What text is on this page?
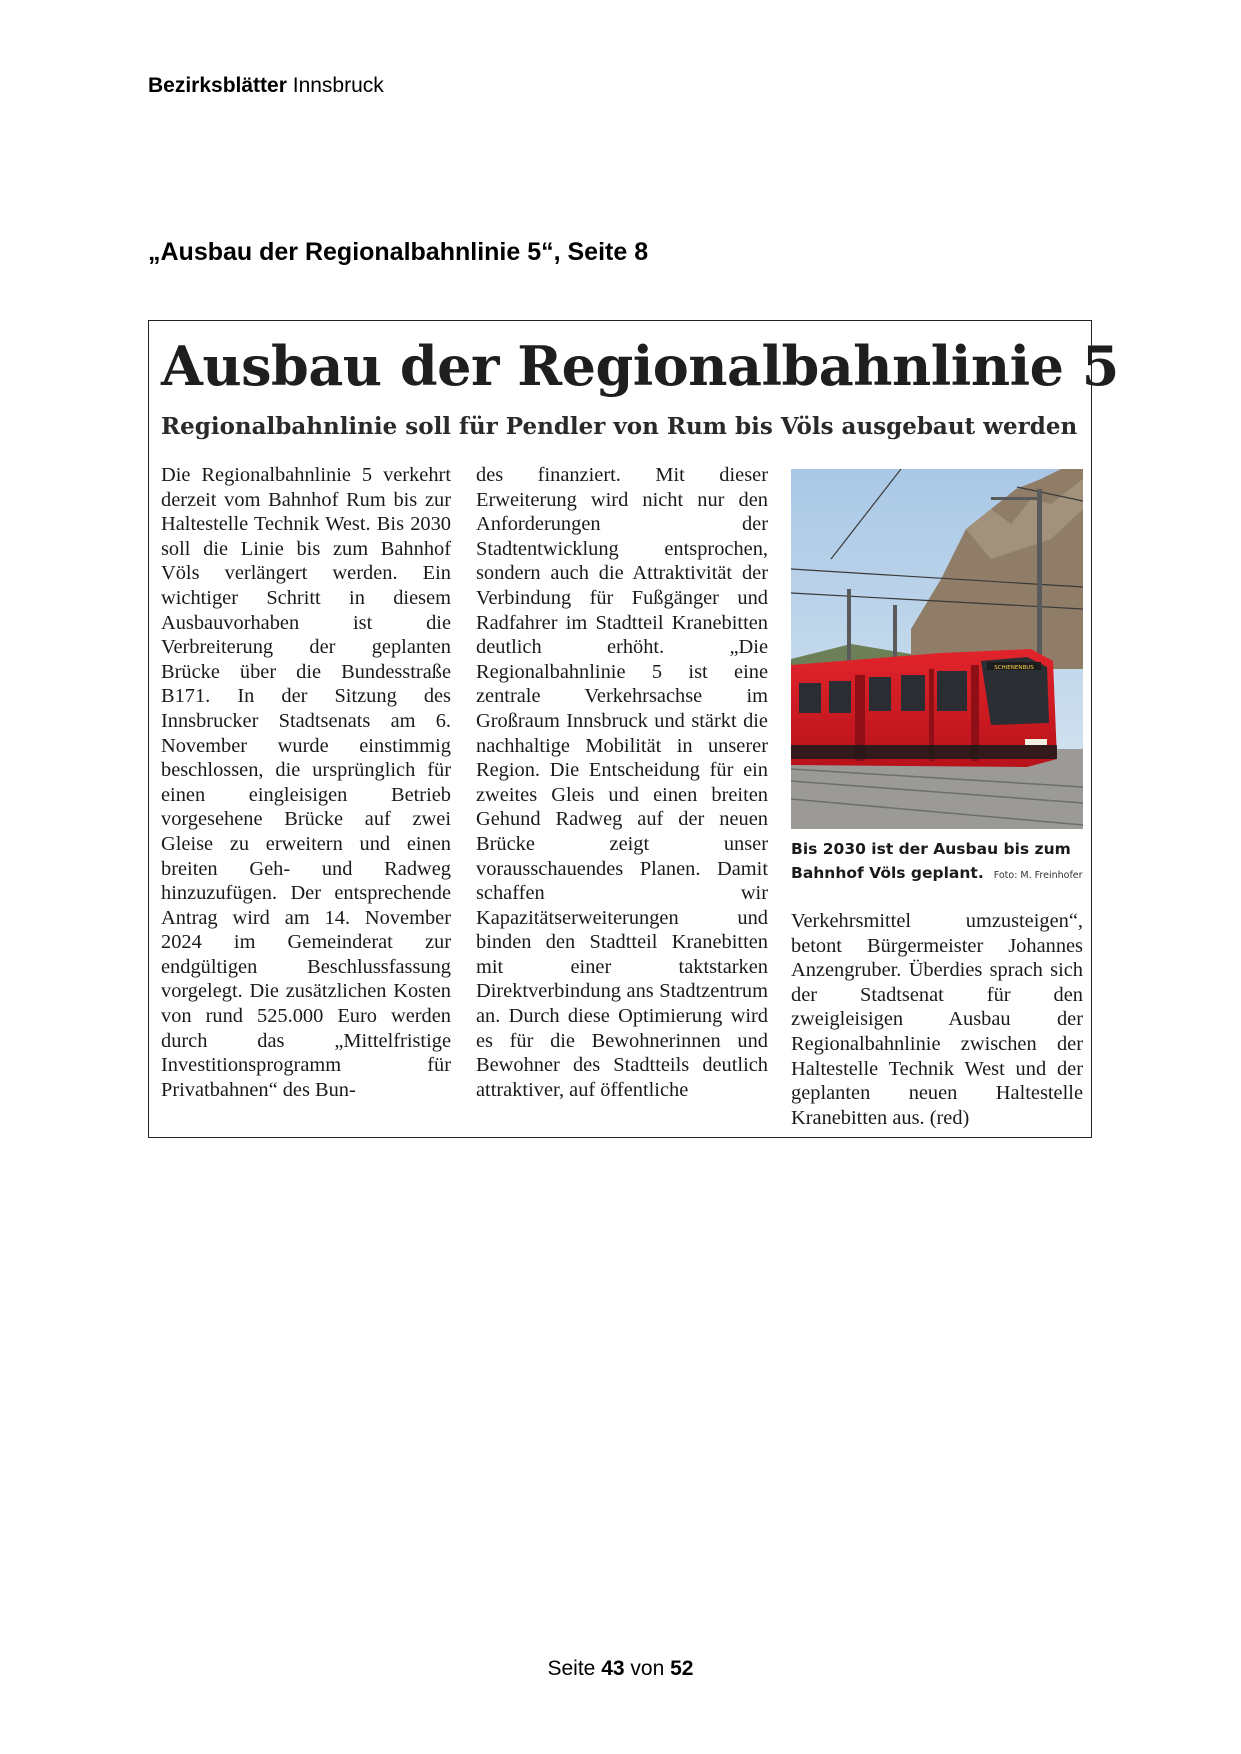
Bezirksblätter Innsbruck
„Ausbau der Regionalbahnlinie 5“, Seite 8
Ausbau der Regionalbahnlinie 5
Regionalbahnlinie soll für Pendler von Rum bis Völs ausgebaut werden
Die Regionalbahnlinie 5 verkehrt derzeit vom Bahnhof Rum bis zur Haltestelle Technik West. Bis 2030 soll die Linie bis zum Bahnhof Völs verlängert werden. Ein wichtiger Schritt in diesem Ausbauvorhaben ist die Verbreiterung der geplanten Brücke über die Bundesstraße B171. In der Sitzung des Innsbrucker Stadtsenats am 6. November wurde einstimmig beschlossen, die ursprünglich für einen eingleisigen Betrieb vorgesehene Brücke auf zwei Gleise zu erweitern und einen breiten Geh- und Radweg hinzuzufügen. Der entsprechende Antrag wird am 14. November 2024 im Gemeinderat zur endgültigen Beschlussfassung vorgelegt. Die zusätzlichen Kosten von rund 525.000 Euro werden durch das „Mittelfristige Investitionsprogramm für Privatbahnen“ des Bun-
des finanziert. Mit dieser Erweiterung wird nicht nur den Anforderungen der Stadtentwicklung entsprochen, sondern auch die Attraktivität der Verbindung für Fußgänger und Radfahrer im Stadtteil Kranebitten deutlich erhöht. „Die Regionalbahnlinie 5 ist eine zentrale Verkehrsachse im Großraum Innsbruck und stärkt die nachhaltige Mobilität in unserer Region. Die Entscheidung für ein zweites Gleis und einen breiten Gehund Radweg auf der neuen Brücke zeigt unser vorausschauendes Planen. Damit schaffen wir Kapazitätserweiterungen und binden den Stadtteil Kranebitten mit einer taktstarken Direktverbindung ans Stadtzentrum an. Durch diese Optimierung wird es für die Bewohnerinnen und Bewohner des Stadtteils deutlich attraktiver, auf öffentliche
SCHIENENBUS
Bis 2030 ist der Ausbau bis zum Bahnhof Völs geplant. Foto: M. Freinhofer
Verkehrsmittel umzusteigen“, betont Bürgermeister Johannes Anzengruber. Überdies sprach sich der Stadtsenat für den zweigleisigen Ausbau der Regionalbahnlinie zwischen der Haltestelle Technik West und der geplanten neuen Haltestelle Kranebitten aus. (red)
Seite 43 von 52
